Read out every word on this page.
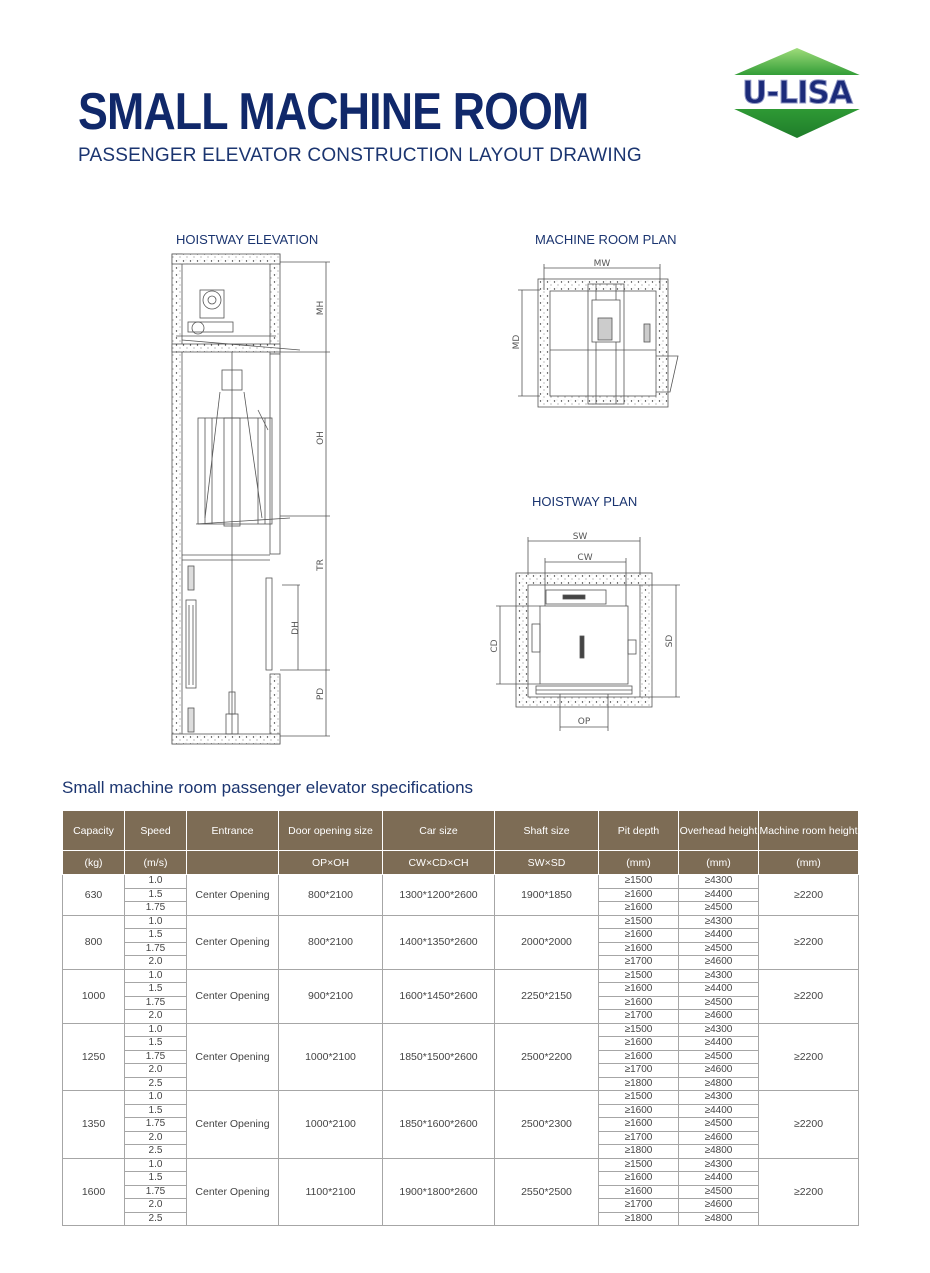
SMALL MACHINE ROOM
PASSENGER ELEVATOR CONSTRUCTION LAYOUT DRAWING
U-LISA
HOISTWAY ELEVATION	MACHINE ROOM PLAN
HOISTWAY PLAN
MH
OH
TR
DH
PD
MW
MD
SW
CW
CD	SD
OP
Small machine room passenger elevator specifications
Capacity	Speed	Entrance	Door opening size	Car size	Shaft size	Pit depth	Overhead height	Machine room height
(kg)	(m/s)		OP×OH	CW×CD×CH	SW×SD	(mm)	(mm)	(mm)
630	1.0	Center Opening	800*2100	1300*1200*2600	1900*1850	≥1500	≥4300	≥2200
	1.5					≥1600	≥4400	
	1.75					≥1600	≥4500	
800	1.0	Center Opening	800*2100	1400*1350*2600	2000*2000	≥1500	≥4300	≥2200
	1.5					≥1600	≥4400	
	1.75					≥1600	≥4500	
	2.0					≥1700	≥4600	
1000	1.0	Center Opening	900*2100	1600*1450*2600	2250*2150	≥1500	≥4300	≥2200
	1.5					≥1600	≥4400	
	1.75					≥1600	≥4500	
	2.0					≥1700	≥4600	
1250	1.0	Center Opening	1000*2100	1850*1500*2600	2500*2200	≥1500	≥4300	≥2200
	1.5					≥1600	≥4400	
	1.75					≥1600	≥4500	
	2.0					≥1700	≥4600	
	2.5					≥1800	≥4800	
1350	1.0	Center Opening	1000*2100	1850*1600*2600	2500*2300	≥1500	≥4300	≥2200
	1.5					≥1600	≥4400	
	1.75					≥1600	≥4500	
	2.0					≥1700	≥4600	
	2.5					≥1800	≥4800	
1600	1.0	Center Opening	1100*2100	1900*1800*2600	2550*2500	≥1500	≥4300	≥2200
	1.5					≥1600	≥4400	
	1.75					≥1600	≥4500	
	2.0					≥1700	≥4600	
	2.5					≥1800	≥4800	
